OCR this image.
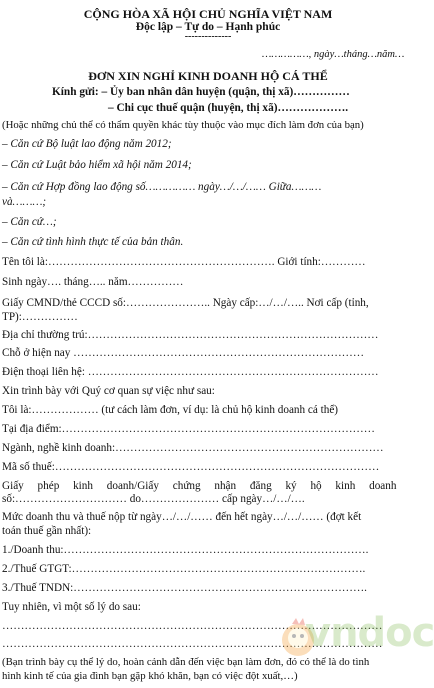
CỘNG HÒA XÃ HỘI CHỦ NGHĨA VIỆT NAM
Độc lập – Tự do – Hạnh phúc
--------------
……………, ngày…tháng…năm…
ĐƠN XIN NGHỈ KINH DOANH HỘ CÁ THỂ
Kính gửi: – Ủy ban nhân dân huyện (quận, thị xã)……………
– Chi cục thuế quận (huyện, thị xã)……………….
(Hoặc những chủ thể có thẩm quyền khác tùy thuộc vào mục đích làm đơn của bạn)
– Căn cứ Bộ luật lao động năm 2012;
– Căn cứ Luật bảo hiểm xã hội năm 2014;
– Căn cứ Hợp đồng lao động số…………… ngày…/…/…… Giữa………
và………;
– Căn cứ…;
– Căn cứ tình hình thực tế của bản thân.
Tên tôi là:……………………………………………………. Giới tính:…………
Sinh ngày…. tháng….. năm……………
Giấy CMND/thẻ CCCD số:………………….. Ngày cấp:…/…/….. Nơi cấp (tỉnh,
TP):……………
Địa chỉ thường trú:……………………………………………………………………
Chỗ ở hiện nay ……………………………………………………………………
Điện thoại liên hệ: ……………………………………………………………………
Xin trình bày với Quý cơ quan sự việc như sau:
Tôi là:……………… (tư cách làm đơn, ví dụ: là chủ hộ kinh doanh cá thể)
Tại địa điểm:…………………………………………………………………………
Ngành, nghề kinh doanh:………………………………………………………………
Mã số thuế:……………………………………………………………………………
Giấy phép kinh doanh/Giấy chứng nhận đăng ký hộ kinh doanh
số:………………………… do………………… cấp ngày…/…/….
Mức doanh thu và thuế nộp từ ngày…/…/…… đến hết ngày…/…/…… (đợt kết
toán thuế gần nhất):
1./Doanh thu:……………………………………………………………………….
2./Thuế GTGT:…………………………………………………………………….
3./Thuế TNDN:…………………………………………………………………….
Tuy nhiên, vì một số lý do sau:
…………………………………………………………………………………………
…………………………………………………………………………………………
(Bạn trình bày cụ thể lý do, hoàn cảnh dẫn đến việc bạn làm đơn, đó có thể là do tình
hình kinh tế của gia đình bạn gặp khó khăn, bạn có việc đột xuất,…)
vndoc
